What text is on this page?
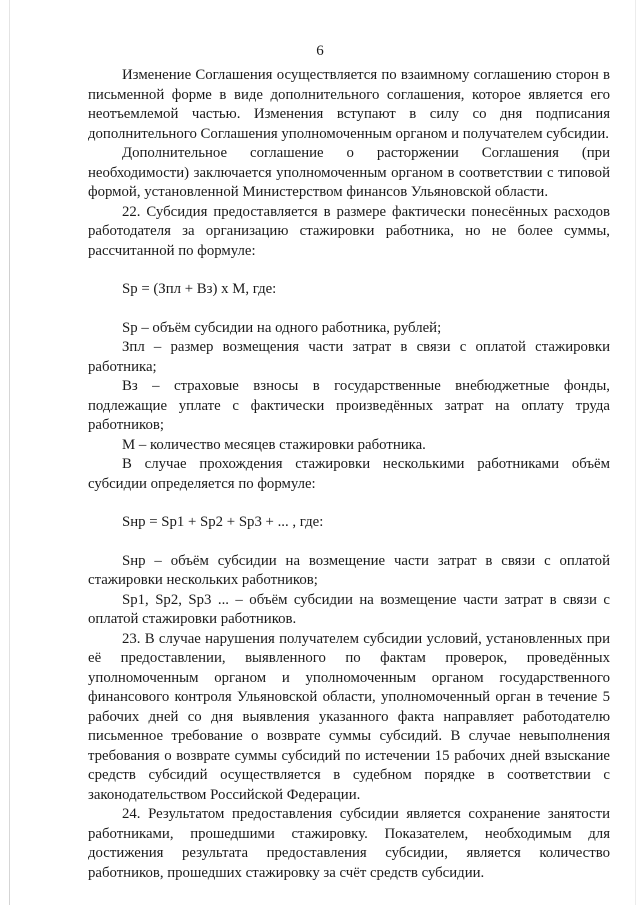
6

Изменение Соглашения осуществляется по взаимному соглашению сторон в письменной форме в виде дополнительного соглашения, которое является его неотъемлемой частью. Изменения вступают в силу со дня подписания дополнительного Соглашения уполномоченным органом и получателем субсидии.

Дополнительное соглашение о расторжении Соглашения (при необходимости) заключается уполномоченным органом в соответствии с типовой формой, установленной Министерством финансов Ульяновской области.

22. Субсидия предоставляется в размере фактически понесённых расходов работодателя за организацию стажировки работника, но не более суммы, рассчитанной по формуле:

Sр = (Зпл + Вз) х М, где:

Sр – объём субсидии на одного работника, рублей;

Зпл – размер возмещения части затрат в связи с оплатой стажировки работника;

Вз – страховые взносы в государственные внебюджетные фонды, подлежащие уплате с фактически произведённых затрат на оплату труда работников;

М – количество месяцев стажировки работника.

В случае прохождения стажировки несколькими работниками объём субсидии определяется по формуле:

Sнр = Sр1 + Sр2 + Sр3 + ... , где:

Sнр – объём субсидии на возмещение части затрат в связи с оплатой стажировки нескольких работников;

Sр1, Sр2, Sр3 ... – объём субсидии на возмещение части затрат в связи с оплатой стажировки работников.

23. В случае нарушения получателем субсидии условий, установленных при её предоставлении, выявленного по фактам проверок, проведённых уполномоченным органом и уполномоченным органом государственного финансового контроля Ульяновской области, уполномоченный орган в течение 5 рабочих дней со дня выявления указанного факта направляет работодателю письменное требование о возврате суммы субсидий. В случае невыполнения требования о возврате суммы субсидий по истечении 15 рабочих дней взыскание средств субсидий осуществляется в судебном порядке в соответствии с законодательством Российской Федерации.

24. Результатом предоставления субсидии является сохранение занятости работниками, прошедшими стажировку. Показателем, необходимым для достижения результата предоставления субсидии, является количество работников, прошедших стажировку за счёт средств субсидии.
